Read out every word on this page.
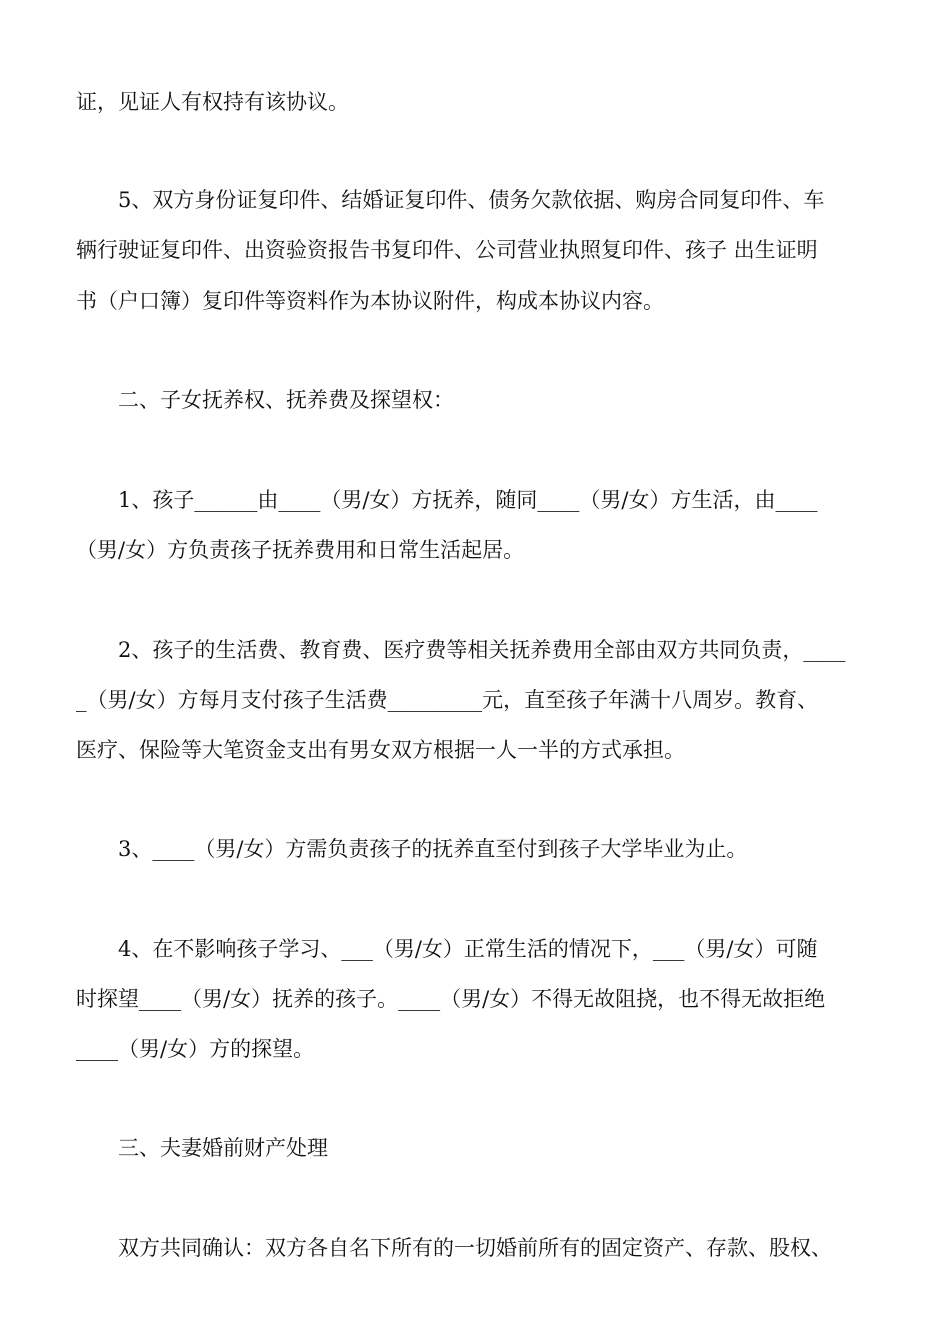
证，见证人有权持有该协议。
5、双方身份证复印件、结婚证复印件、债务欠款依据、购房合同复印件、车
辆行驶证复印件、出资验资报告书复印件、公司营业执照复印件、孩子 出生证明
书（户口簿）复印件等资料作为本协议附件，构成本协议内容。
二、子女抚养权、抚养费及探望权：
1、孩子______由____（男/女）方抚养，随同____（男/女）方生活，由____
（男/女）方负责孩子抚养费用和日常生活起居。
2、孩子的生活费、教育费、医疗费等相关抚养费用全部由双方共同负责，____
_（男/女）方每月支付孩子生活费_________元，直至孩子年满十八周岁。教育、
医疗、保险等大笔资金支出有男女双方根据一人一半的方式承担。
3、____（男/女）方需负责孩子的抚养直至付到孩子大学毕业为止。
4、在不影响孩子学习、___（男/女）正常生活的情况下，___（男/女）可随
时探望____（男/女）抚养的孩子。____（男/女）不得无故阻挠，也不得无故拒绝
____（男/女）方的探望。
三、夫妻婚前财产处理
双方共同确认：双方各自名下所有的一切婚前所有的固定资产、存款、股权、
